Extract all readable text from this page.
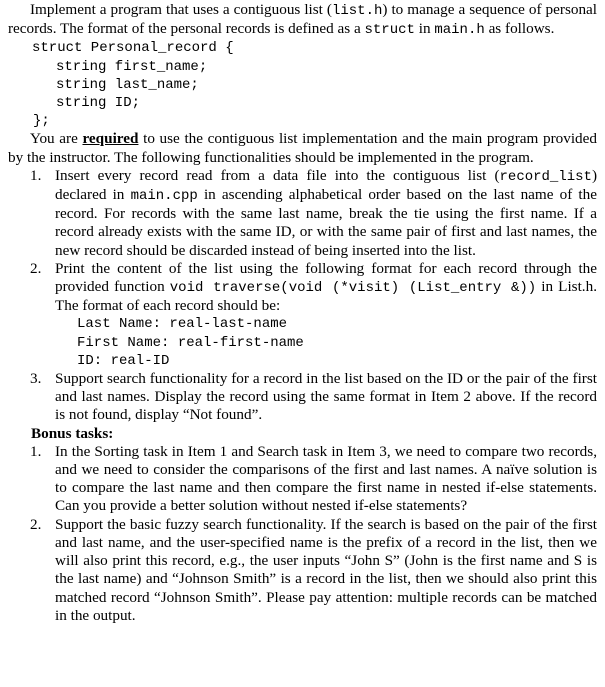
Implement a program that uses a contiguous list (list.h) to manage a sequence of personal records. The format of the personal records is defined as a struct in main.h as follows.

struct Personal_record {
string first_name;
string last_name;
string ID;
};

You are required to use the contiguous list implementation and the main program provided by the instructor. The following functionalities should be implemented in the program.

1. Insert every record read from a data file into the contiguous list (record_list) declared in main.cpp in ascending alphabetical order based on the last name of the record. For records with the same last name, break the tie using the first name. If a record already exists with the same ID, or with the same pair of first and last names, the new record should be discarded instead of being inserted into the list.
2. Print the content of the list using the following format for each record through the provided function void traverse(void (*visit) (List_entry &)) in List.h. The format of each record should be:
Last Name: real-last-name
First Name: real-first-name
ID: real-ID
3. Support search functionality for a record in the list based on the ID or the pair of the first and last names. Display the record using the same format in Item 2 above. If the record is not found, display “Not found”.

Bonus tasks:

1. In the Sorting task in Item 1 and Search task in Item 3, we need to compare two records, and we need to consider the comparisons of the first and last names. A naïve solution is to compare the last name and then compare the first name in nested if-else statements. Can you provide a better solution without nested if-else statements?
2. Support the basic fuzzy search functionality. If the search is based on the pair of the first and last name, and the user-specified name is the prefix of a record in the list, then we will also print this record, e.g., the user inputs “John S” (John is the first name and S is the last name) and “Johnson Smith” is a record in the list, then we should also print this matched record “Johnson Smith”. Please pay attention: multiple records can be matched in the output.
